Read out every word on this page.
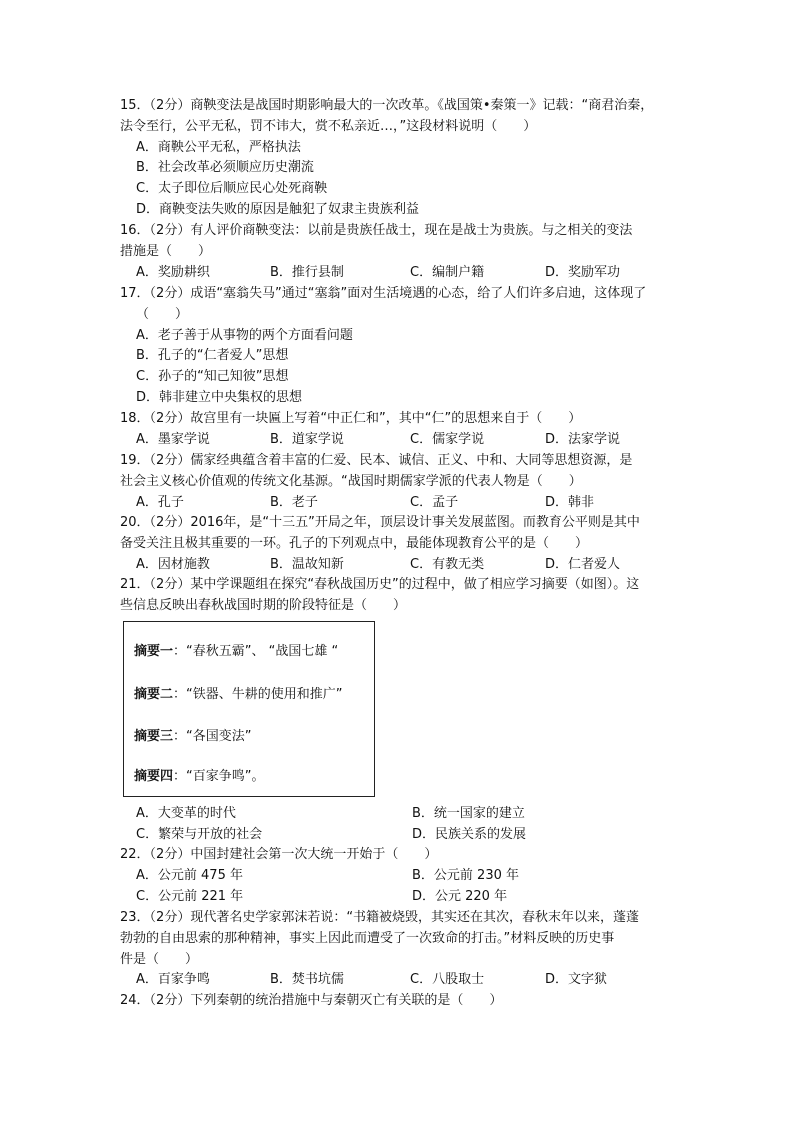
15．（2分）商鞅变法是战国时期影响最大的一次改革。《战国策•秦策一》记载：“商君治秦，
法令至行，公平无私，罚不讳大，赏不私亲近…，”这段材料说明（　　）
A．商鞅公平无私，严格执法
B．社会改革必须顺应历史潮流
C．太子即位后顺应民心处死商鞅
D．商鞅变法失败的原因是触犯了奴隶主贵族利益
16．（2分）有人评价商鞅变法：以前是贵族任战士，现在是战士为贵族。与之相关的变法
措施是（　　）
A．奖励耕织	B．推行县制	C．编制户籍	D．奖励军功
17．（2分）成语“塞翁失马”通过“塞翁”面对生活境遇的心态，给了人们许多启迪，这体现了
（　　）
A．老子善于从事物的两个方面看问题
B．孔子的“仁者爱人”思想
C．孙子的“知己知彼”思想
D．韩非建立中央集权的思想
18．（2分）故宫里有一块匾上写着“中正仁和”，其中“仁”的思想来自于（　　）
A．墨家学说	B．道家学说	C．儒家学说	D．法家学说
19．（2分）儒家经典蕴含着丰富的仁爱、民本、诚信、正义、中和、大同等思想资源，是
社会主义核心价值观的传统文化基源。“战国时期儒家学派的代表人物是（　　）
A．孔子	B．老子	C．孟子	D．韩非
20．（2分）2016年，是“十三五”开局之年，顶层设计事关发展蓝图。而教育公平则是其中
备受关注且极其重要的一环。孔子的下列观点中，最能体现教育公平的是（　　）
A．因材施教	B．温故知新	C．有教无类	D．仁者爱人
21．（2分）某中学课题组在探究“春秋战国历史”的过程中，做了相应学习摘要（如图）。这
些信息反映出春秋战国时期的阶段特征是（　　）
摘要一：“春秋五霸”、 “战国七雄 “
摘要二：“铁器、牛耕的使用和推广”
摘要三：“各国变法”
摘要四：“百家争鸣”。
A．大变革的时代	B．统一国家的建立
C．繁荣与开放的社会	D．民族关系的发展
22．（2分）中国封建社会第一次大统一开始于（　　）
A．公元前 475 年	B．公元前 230 年
C．公元前 221 年	D．公元 220 年
23．（2分）现代著名史学家郭沫若说：“书籍被烧毁，其实还在其次，春秋末年以来，蓬蓬
勃勃的自由思索的那种精神，事实上因此而遭受了一次致命的打击。”材料反映的历史事
件是（　　）
A．百家争鸣	B．焚书坑儒	C．八股取士	D．文字狱
24．（2分）下列秦朝的统治措施中与秦朝灭亡有关联的是（　　）
